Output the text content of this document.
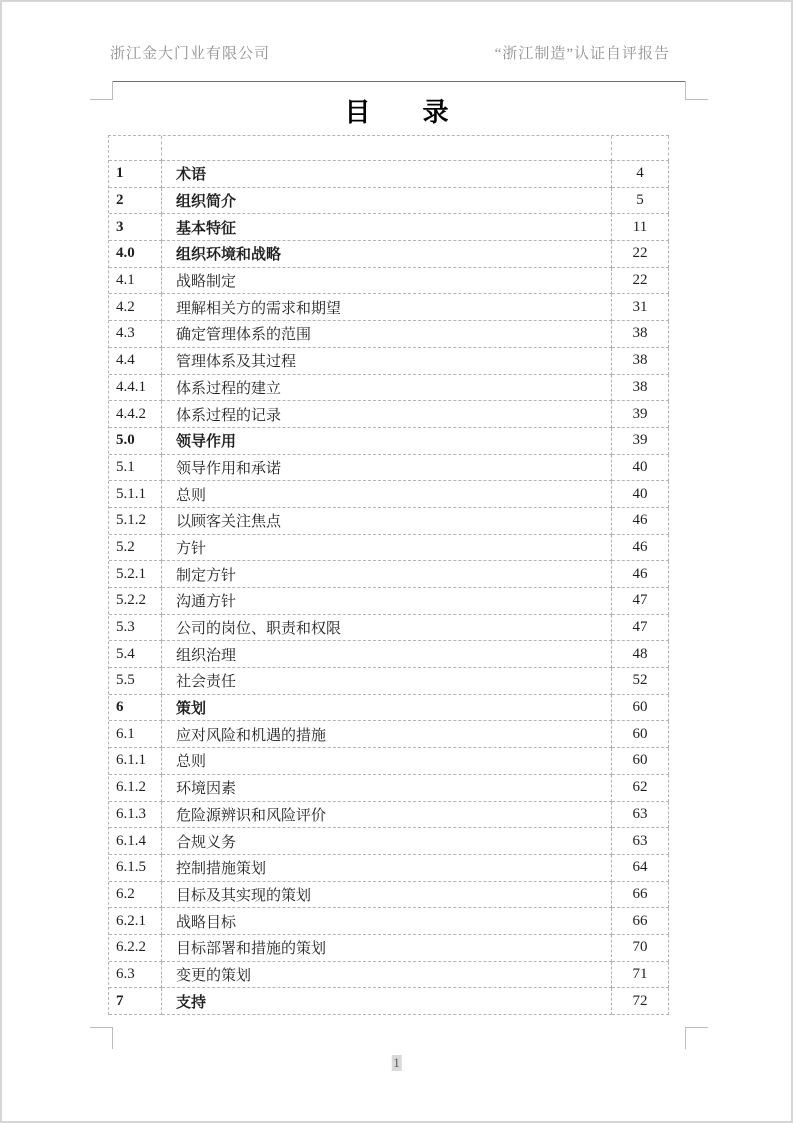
浙江金大门业有限公司	“浙江制造”认证自评报告
目　　录
1	术语	4
2	组织简介	5
3	基本特征	11
4.0	组织环境和战略	22
4.1	战略制定	22
4.2	理解相关方的需求和期望	31
4.3	确定管理体系的范围	38
4.4	管理体系及其过程	38
4.4.1	体系过程的建立	38
4.4.2	体系过程的记录	39
5.0	领导作用	39
5.1	领导作用和承诺	40
5.1.1	总则	40
5.1.2	以顾客关注焦点	46
5.2	方针	46
5.2.1	制定方针	46
5.2.2	沟通方针	47
5.3	公司的岗位、职责和权限	47
5.4	组织治理	48
5.5	社会责任	52
6	策划	60
6.1	应对风险和机遇的措施	60
6.1.1	总则	60
6.1.2	环境因素	62
6.1.3	危险源辨识和风险评价	63
6.1.4	合规义务	63
6.1.5	控制措施策划	64
6.2	目标及其实现的策划	66
6.2.1	战略目标	66
6.2.2	目标部署和措施的策划	70
6.3	变更的策划	71
7	支持	72
1
